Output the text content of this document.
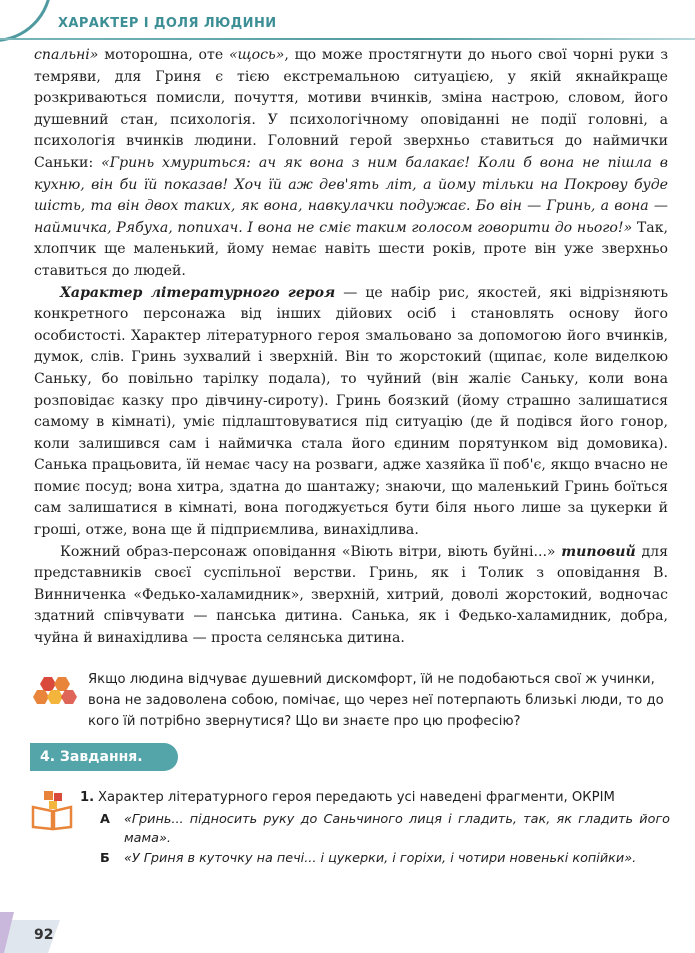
ХАРАКТЕР І ДОЛЯ ЛЮДИНИ

спальні» моторошна, оте «щось», що може простягнути до нього свої чорні руки з темряви, для Гриня є тією екстремальною ситуацією, у якій якнайкраще розкриваються помисли, почуття, мотиви вчинків, зміна настрою, словом, його душевний стан, психологія. У психологічному оповіданні не події головні, а психологія вчинків людини. Головний герой зверхньо ставиться до наймички Саньки: «Гринь хмуриться: ач як вона з ним балакає! Коли б вона не пішла в кухню, він би їй показав! Хоч їй аж дев'ять літ, а йому тільки на Покрову буде шість, та він двох таких, як вона, навкулачки подужає. Бо він — Гринь, а вона — наймичка, Рябуха, попихач. І вона не сміє таким голосом говорити до нього!» Так, хлопчик ще маленький, йому немає навіть шести років, проте він уже зверхньо ставиться до людей.

Характер літературного героя — це набір рис, якостей, які відрізняють конкретного персонажа від інших дійових осіб і становлять основу його особистості. Характер літературного героя змальовано за допомогою його вчинків, думок, слів. Гринь зухвалий і зверхній. Він то жорстокий (щипає, коле виделкою Саньку, бо повільно тарілку подала), то чуйний (він жаліє Саньку, коли вона розповідає казку про дівчину-сироту). Гринь боязкий (йому страшно залишатися самому в кімнаті), уміє підлаштовуватися під ситуацію (де й подівся його гонор, коли залишився сам і наймичка стала його єдиним порятунком від домовика). Санька працьовита, їй немає часу на розваги, адже хазяйка її поб'є, якщо вчасно не помиє посуд; вона хитра, здатна до шантажу; знаючи, що маленький Гринь боїться сам залишатися в кімнаті, вона погоджується бути біля нього лише за цукерки й гроші, отже, вона ще й підприємлива, винахідлива.

Кожний образ-персонаж оповідання «Віють вітри, віють буйні...» типовий для представників своєї суспільної верстви. Гринь, як і Толик з оповідання В. Винниченка «Федько-халамидник», зверхній, хитрий, доволі жорстокий, водночас здатний співчувати — панська дитина. Санька, як і Федько-халамидник, добра, чуйна й винахідлива — проста селянська дитина.

Якщо людина відчуває душевний дискомфорт, їй не подобаються свої ж учинки, вона не задоволена собою, помічає, що через неї потерпають близькі люди, то до кого їй потрібно звернутися? Що ви знаєте про цю професію?
4. Завдання.
1. Характер літературного героя передають усі наведені фрагменти, ОКРІМ
А «Гринь... підносить руку до Саньчиного лиця і гладить, так, як гладить його мама».
Б «У Гриня в куточку на печі... і цукерки, і горіхи, і чотири новенькі копійки».
92
